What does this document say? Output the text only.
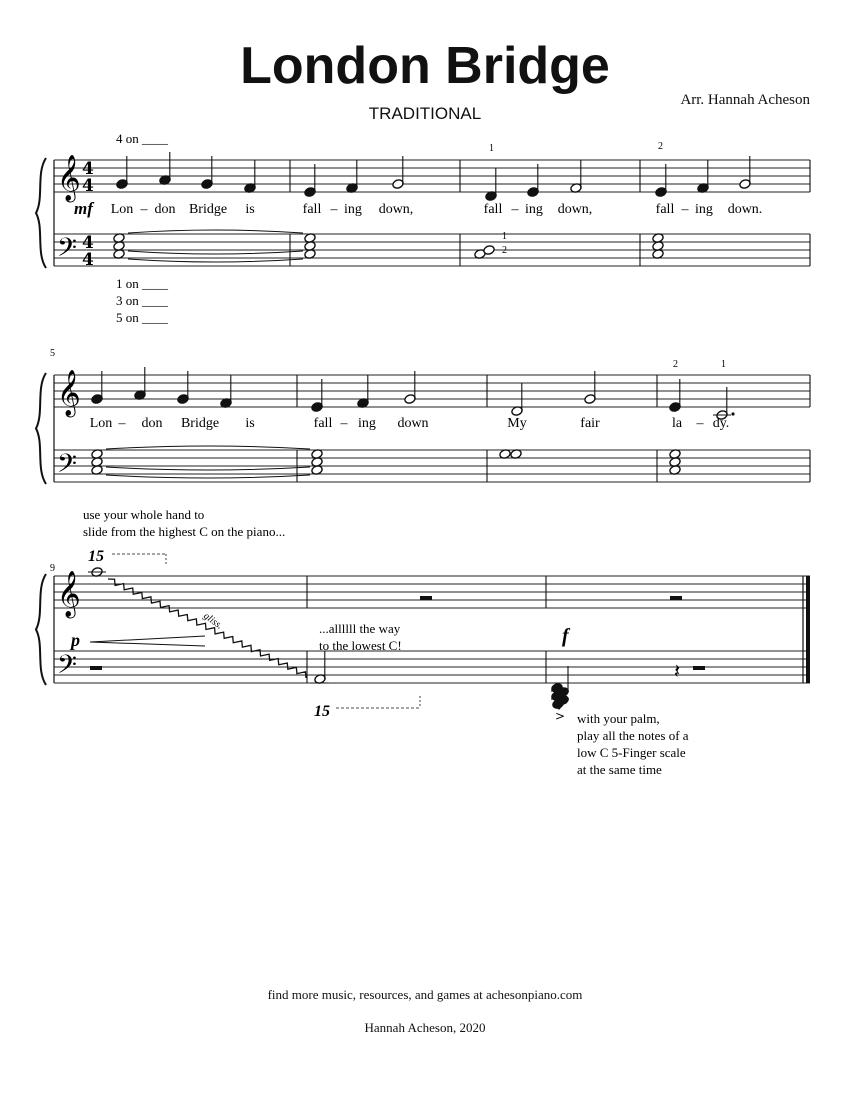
London Bridge
TRADITIONAL
Arr. Hannah Acheson
𝄞
𝄢
𝄞
𝄢
𝄞
𝄢
4
4
4
4
𝄽
>
4 on ____
1 on ____
3 on ____
5 on ____
mf
1	2
1
2
Lon – don Bridge is	fall – ing down,	fall – ing down,	fall – ing down.
5
2	1
Lon – don Bridge is	fall – ing down	My	fair	la – dy.
use your whole hand to
slide from the highest C on the piano...
9
15
15
gliss.
p	f
...allllll the way
to the lowest C!
with your palm,
play all the notes of a
low C 5-Finger scale
at the same time
find more music, resources, and games at achesonpiano.com
Hannah Acheson, 2020
